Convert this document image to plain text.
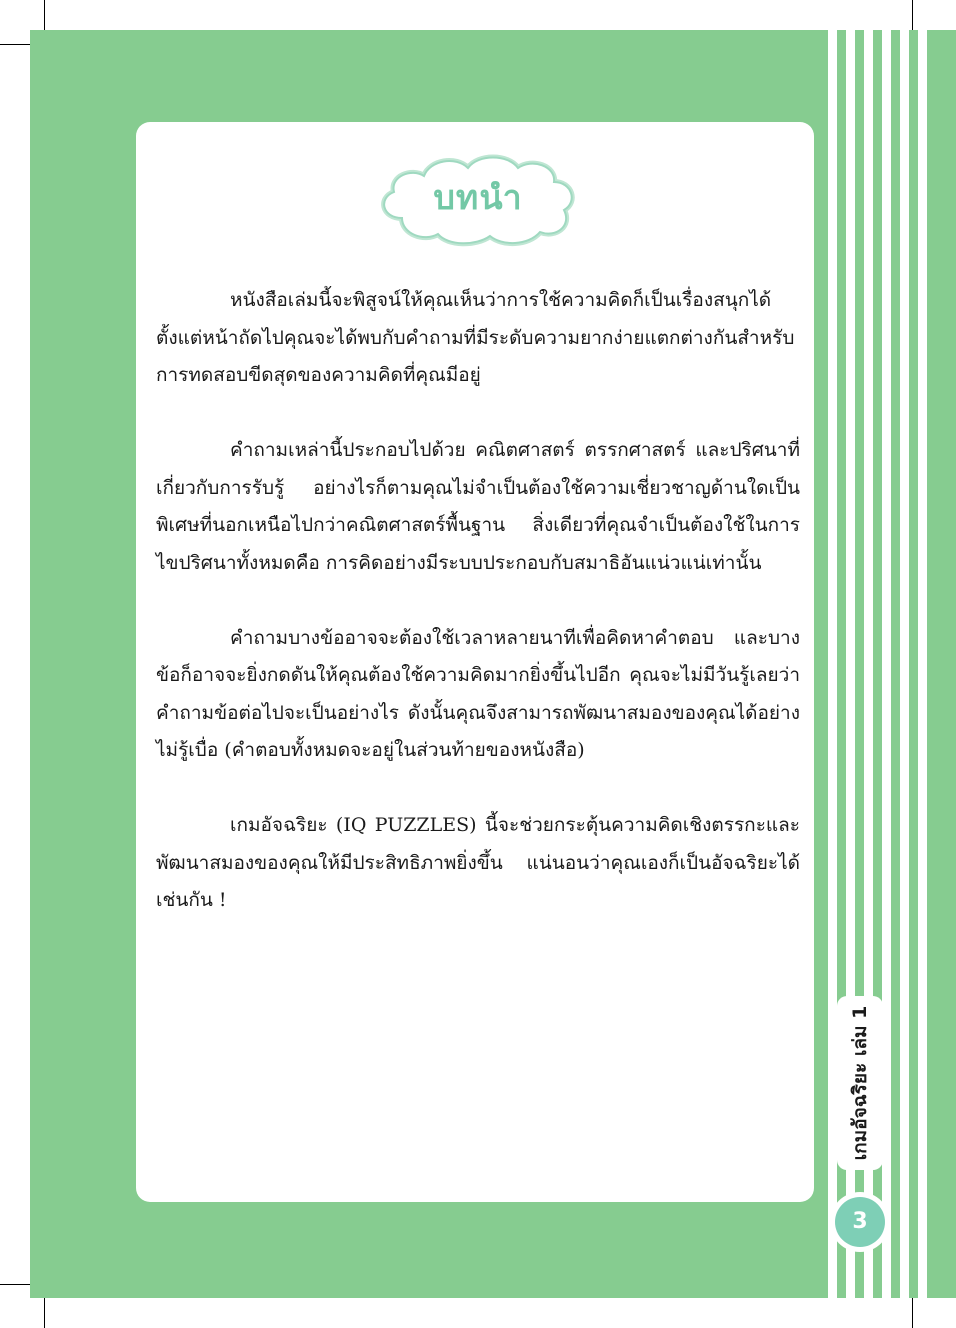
บทนำ

หนังสือเล่มนี้จะพิสูจน์ให้คุณเห็นว่าการใช้ความคิดก็เป็นเรื่องสนุกได้ ตั้งแต่หน้าถัดไปคุณจะได้พบกับคำถามที่มีระดับความยากง่ายแตกต่างกันสำหรับการทดสอบขีดสุดของความคิดที่คุณมีอยู่

คำถามเหล่านี้ประกอบไปด้วย คณิตศาสตร์ ตรรกศาสตร์ และปริศนาที่เกี่ยวกับการรับรู้ อย่างไรก็ตามคุณไม่จำเป็นต้องใช้ความเชี่ยวชาญด้านใดเป็นพิเศษที่นอกเหนือไปกว่าคณิตศาสตร์พื้นฐาน สิ่งเดียวที่คุณจำเป็นต้องใช้ในการไขปริศนาทั้งหมดคือ การคิดอย่างมีระบบประกอบกับสมาธิอันแน่วแน่เท่านั้น

คำถามบางข้ออาจจะต้องใช้เวลาหลายนาทีเพื่อคิดหาคำตอบ และบางข้อก็อาจจะยิ่งกดดันให้คุณต้องใช้ความคิดมากยิ่งขึ้นไปอีก คุณจะไม่มีวันรู้เลยว่าคำถามข้อต่อไปจะเป็นอย่างไร ดังนั้นคุณจึงสามารถพัฒนาสมองของคุณได้อย่างไม่รู้เบื่อ (คำตอบทั้งหมดจะอยู่ในส่วนท้ายของหนังสือ)

เกมอัจฉริยะ (IQ PUZZLES) นี้จะช่วยกระตุ้นความคิดเชิงตรรกะและพัฒนาสมองของคุณให้มีประสิทธิภาพยิ่งขึ้น แน่นอนว่าคุณเองก็เป็นอัจฉริยะได้เช่นกัน !

เกมอัจฉริยะ เล่ม 1
3
